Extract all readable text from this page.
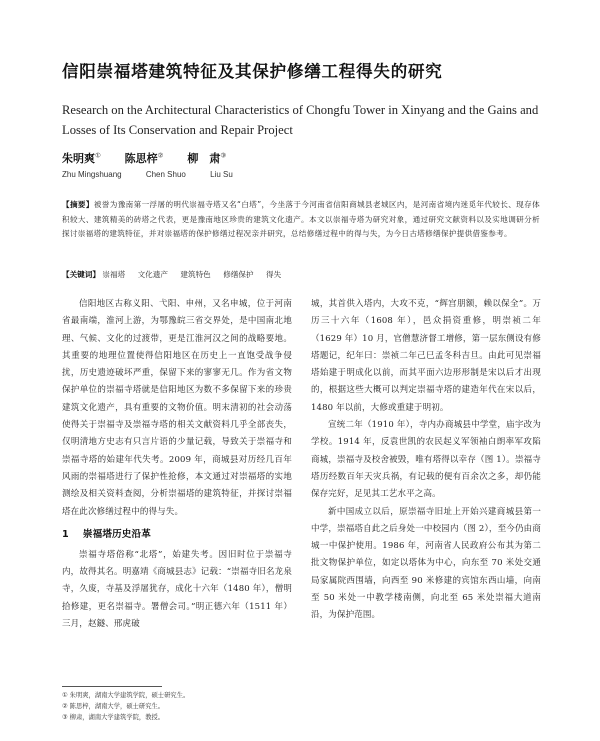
信阳崇福塔建筑特征及其保护修缮工程得失的研究
Research on the Architectural Characteristics of Chongfu Tower in Xinyang and the Gains and Losses of Its Conservation and Repair Project
朱明爽① 陈思梓② 柳　肃③
Zhu Mingshuang	Chen Shuo	Liu Su
【摘要】被誉为豫南第一浮屠的明代崇福寺塔又名“白塔”，今坐落于今河南省信阳商城县老城区内，是河南省境内迷觅年代较长、现存体积较大、建筑精美的砖塔之代表，更是豫南地区珍贵的建筑文化遗产。本文以崇福寺塔为研究对象，通过研究文献资料以及实地调研分析探讨崇福塔的建筑特征，并对崇福塔的保护修缮过程况亲并研究，总结修缮过程中的得与失，为今日古塔修缮保护提供借鉴参考。
【关键词】 崇福塔 文化遗产 建筑特色 修缮保护 得失

信阳地区古称义阳、弋阳、申州，又名申城，位于河南省最南端，淮河上游，为鄂豫皖三省交界处，是中国南北地理、气候、文化的过渡带，更是江淮河汉之间的战略要地。其重要的地理位置使得信阳地区在历史上一直饱受战争侵扰，历史遗迹破坏严重，保留下来的寥寥无几。作为省文物保护单位的崇福寺塔就是信阳地区为数不多保留下来的珍贵建筑文化遗产，具有重要的文物价值。明末清初的社会动荡使得关于崇福寺及崇福寺塔的相关文献资料几乎全部丧失，仅明清地方史志有只言片语的少量记载，导致关于崇福寺和崇福寺塔的始建年代失考。2009 年，商城县对历经几百年风雨的崇福塔进行了保护性抢修，本文通过对崇福塔的实地测绘及相关资料查阅，分析崇福塔的建筑特征，并探讨崇福塔在此次修缮过程中的得与失。

1 崇福塔历史沿革

崇福寺塔俗称“北塔”，始建失考。因旧时位于崇福寺内，故得其名。明嘉靖《商城县志》记载：“崇福寺旧名龙泉寺，久废，寺基及浮屠犹存，成化十六年（1480 年），僧明拾修建，更名崇福寺。署僧会司。”明正德六年（1511 年）三月，赵鐩、邢虎破

城，其首供入塔内，大攻不克，“辉宫朋额，赖以保全”。万历三十六年（1608 年），邑众捐资重修，明崇祯二年（1629 年）10 月，官僧慧济督工增修，第一层东侧设有修塔题记，纪年曰：崇祯二年己巳孟冬科吉旦。由此可见崇福塔始建于明成化以前，而其平面六边形形制是宋以后才出现的，根据这些大概可以判定崇福寺塔的建造年代在宋以后，1480 年以前，大修或重建于明初。

宣统二年（1910 年），寺内办商城县中学堂，庙宇改为学校。1914 年，反袁世凯的农民起义军领袖白朗率军攻陷商城，崇福寺及校舍被毁，唯有塔得以幸存（图 1）。崇福寺塔历经数百年天灾兵祸，有记载的便有百余次之多，却仍能保存完好，足见其工艺水平之高。

新中国成立以后，原崇福寺旧址上开始兴建商城县第一中学，崇福塔自此之后身处一中校园内（图 2），至今仍由商城一中保护使用。1986 年，河南省人民政府公布其为第二批文物保护单位，如定以塔体为中心，向东至 70 米处交通局家属院西围墙，向西至 90 米修建的宾馆东西山墙，向南至 50 米处一中教学楼南侧，向北至 65 米处崇福大道南沿，为保护范围。

① 朱明爽，湖南大学建筑学院，硕士研究生。
② 陈思梓，湖南大学，硕士研究生。
③ 柳肃，湖南大学建筑学院，教授。
